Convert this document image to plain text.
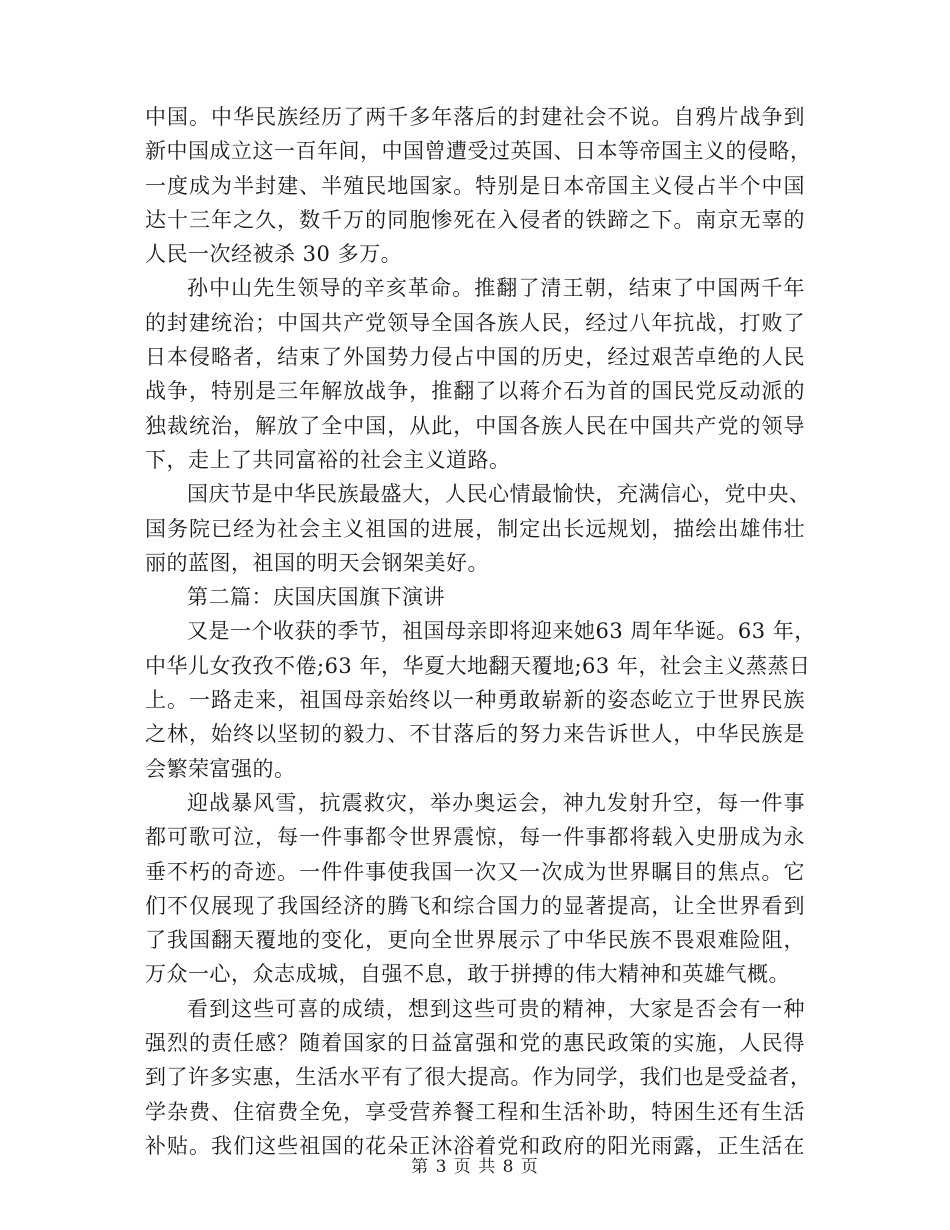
中国。中华民族经历了两千多年落后的封建社会不说。自鸦片战争到
新中国成立这一百年间，中国曾遭受过英国、日本等帝国主义的侵略，
一度成为半封建、半殖民地国家。特别是日本帝国主义侵占半个中国
达十三年之久，数千万的同胞惨死在入侵者的铁蹄之下。南京无辜的
人民一次经被杀 30 多万。
孙中山先生领导的辛亥革命。推翻了清王朝，结束了中国两千年
的封建统治；中国共产党领导全国各族人民，经过八年抗战，打败了
日本侵略者，结束了外国势力侵占中国的历史，经过艰苦卓绝的人民
战争，特别是三年解放战争，推翻了以蒋介石为首的国民党反动派的
独裁统治，解放了全中国，从此，中国各族人民在中国共产党的领导
下，走上了共同富裕的社会主义道路。
国庆节是中华民族最盛大，人民心情最愉快，充满信心，党中央、
国务院已经为社会主义祖国的进展，制定出长远规划，描绘出雄伟壮
丽的蓝图，祖国的明天会钢架美好。
第二篇：庆国庆国旗下演讲
又是一个收获的季节，祖国母亲即将迎来她63 周年华诞。63 年，
中华儿女孜孜不倦;63 年，华夏大地翻天覆地;63 年，社会主义蒸蒸日
上。一路走来，祖国母亲始终以一种勇敢崭新的姿态屹立于世界民族
之林，始终以坚韧的毅力、不甘落后的努力来告诉世人，中华民族是
会繁荣富强的。
迎战暴风雪，抗震救灾，举办奥运会，神九发射升空，每一件事
都可歌可泣，每一件事都令世界震惊，每一件事都将载入史册成为永
垂不朽的奇迹。一件件事使我国一次又一次成为世界瞩目的焦点。它
们不仅展现了我国经济的腾飞和综合国力的显著提高，让全世界看到
了我国翻天覆地的变化，更向全世界展示了中华民族不畏艰难险阻，
万众一心，众志成城，自强不息，敢于拼搏的伟大精神和英雄气概。
看到这些可喜的成绩，想到这些可贵的精神，大家是否会有一种
强烈的责任感？随着国家的日益富强和党的惠民政策的实施，人民得
到了许多实惠，生活水平有了很大提高。作为同学，我们也是受益者，
学杂费、住宿费全免，享受营养餐工程和生活补助，特困生还有生活
补贴。我们这些祖国的花朵正沐浴着党和政府的阳光雨露，正生活在
第 3 页 共 8 页
